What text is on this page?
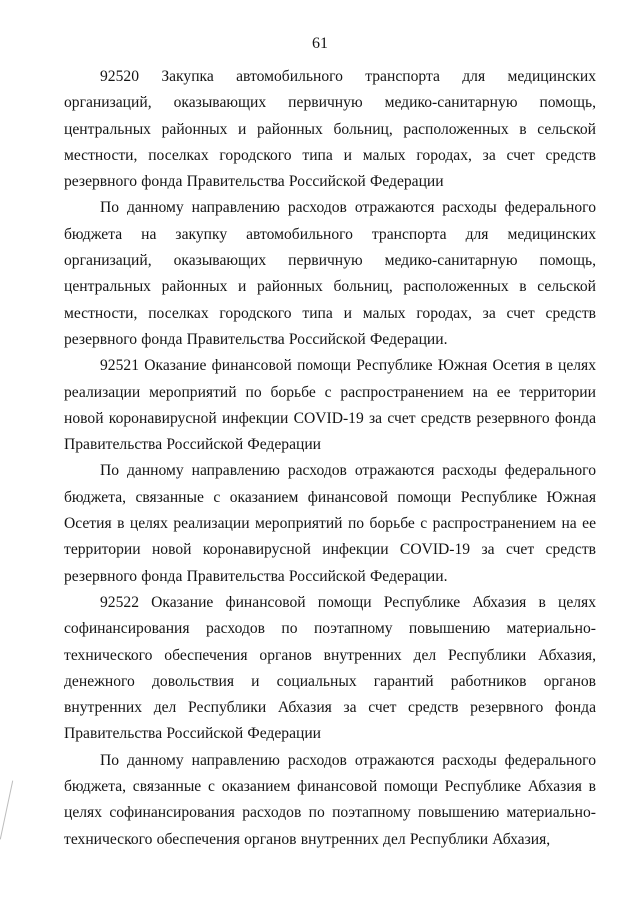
61

92520 Закупка автомобильного транспорта для медицинских организаций, оказывающих первичную медико-санитарную помощь, центральных районных и районных больниц, расположенных в сельской местности, поселках городского типа и малых городах, за счет средств резервного фонда Правительства Российской Федерации

По данному направлению расходов отражаются расходы федерального бюджета на закупку автомобильного транспорта для медицинских организаций, оказывающих первичную медико-санитарную помощь, центральных районных и районных больниц, расположенных в сельской местности, поселках городского типа и малых городах, за счет средств резервного фонда Правительства Российской Федерации.

92521 Оказание финансовой помощи Республике Южная Осетия в целях реализации мероприятий по борьбе с распространением на ее территории новой коронавирусной инфекции COVID-19 за счет средств резервного фонда Правительства Российской Федерации

По данному направлению расходов отражаются расходы федерального бюджета, связанные с оказанием финансовой помощи Республике Южная Осетия в целях реализации мероприятий по борьбе с распространением на ее территории новой коронавирусной инфекции COVID-19 за счет средств резервного фонда Правительства Российской Федерации.

92522 Оказание финансовой помощи Республике Абхазия в целях софинансирования расходов по поэтапному повышению материально-технического обеспечения органов внутренних дел Республики Абхазия, денежного довольствия и социальных гарантий работников органов внутренних дел Республики Абхазия за счет средств резервного фонда Правительства Российской Федерации

По данному направлению расходов отражаются расходы федерального бюджета, связанные с оказанием финансовой помощи Республике Абхазия в целях софинансирования расходов по поэтапному повышению материально-технического обеспечения органов внутренних дел Республики Абхазия,
